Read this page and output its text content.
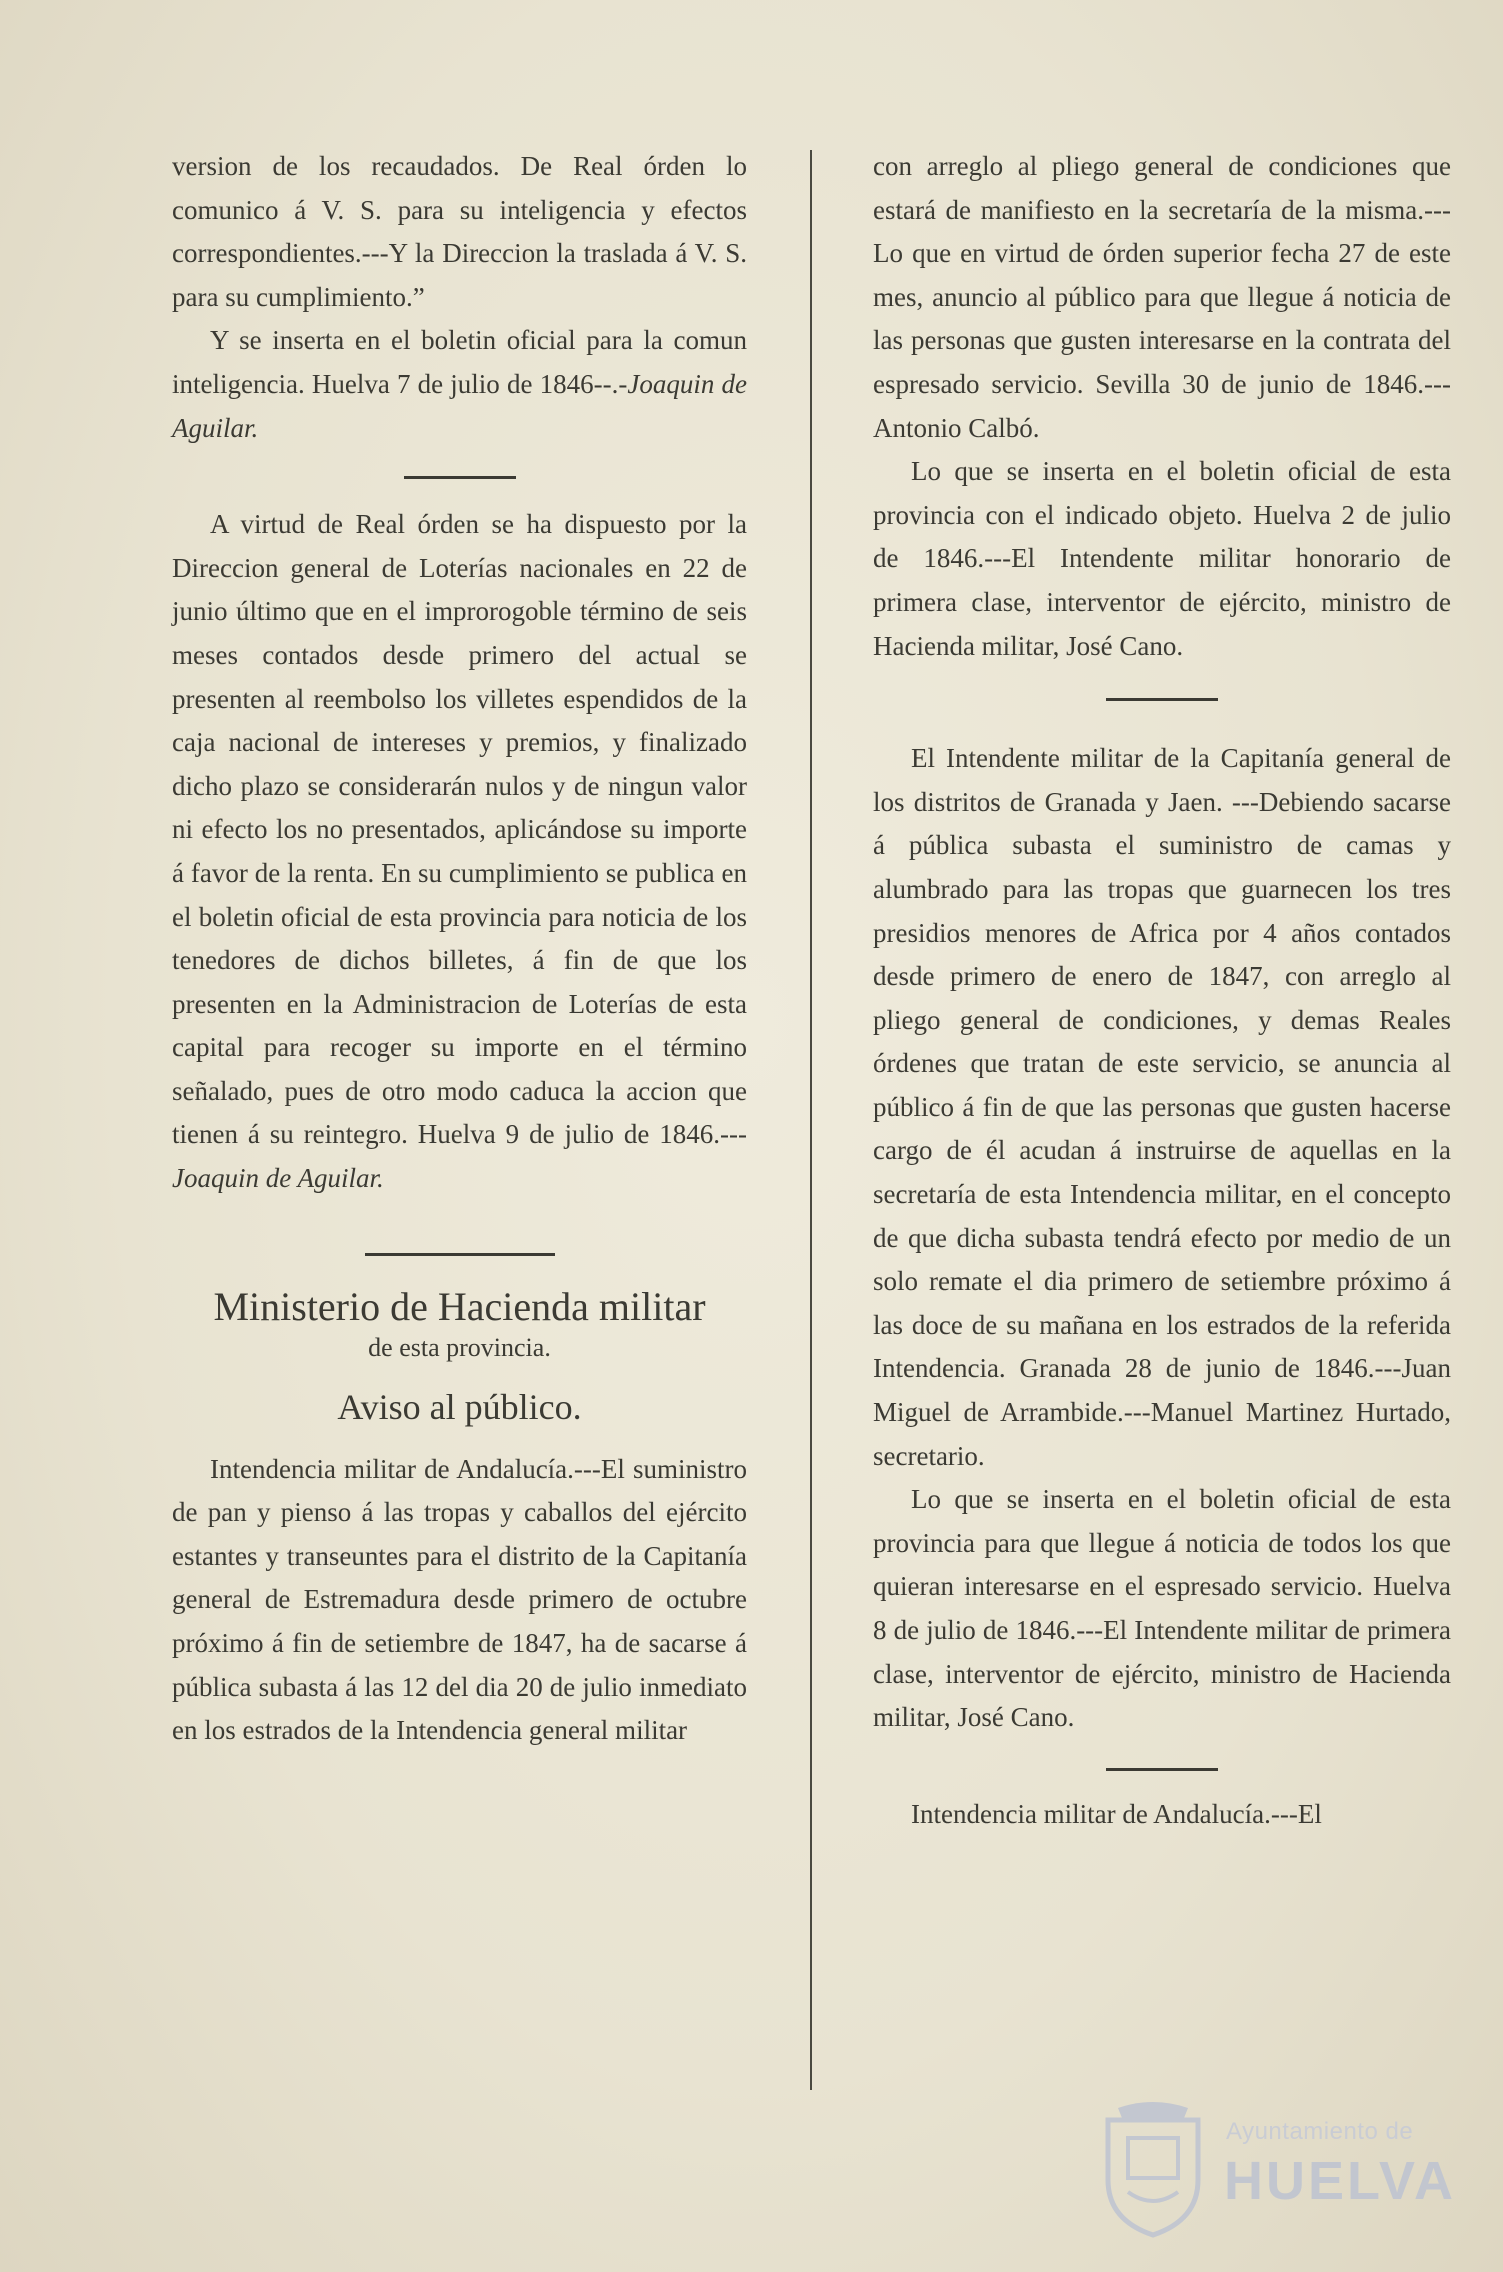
version de los recaudados. De Real órden lo comunico á V. S. para su inteligencia y efectos correspondientes.---Y la Direccion la traslada á V. S. para su cumplimiento.”

Y se inserta en el boletin oficial para la comun inteligencia. Huelva 7 de julio de 1846--.-Joaquin de Aguilar.

A virtud de Real órden se ha dispuesto por la Direccion general de Loterías nacionales en 22 de junio último que en el improrogoble término de seis meses contados desde primero del actual se presenten al reembolso los villetes espendidos de la caja nacional de intereses y premios, y finalizado dicho plazo se considerarán nulos y de ningun valor ni efecto los no presentados, aplicándose su importe á favor de la renta. En su cumplimiento se publica en el boletin oficial de esta provincia para noticia de los tenedores de dichos billetes, á fin de que los presenten en la Administracion de Loterías de esta capital para recoger su importe en el término señalado, pues de otro modo caduca la accion que tienen á su reintegro. Huelva 9 de julio de 1846.---Joaquin de Aguilar.

Ministerio de Hacienda militar

de esta provincia.

Aviso al público.

Intendencia militar de Andalucía.---El suministro de pan y pienso á las tropas y caballos del ejército estantes y transeuntes para el distrito de la Capitanía general de Estremadura desde primero de octubre próximo á fin de setiembre de 1847, ha de sacarse á pública subasta á las 12 del dia 20 de julio inmediato en los estrados de la Intendencia general militar

con arreglo al pliego general de condiciones que estará de manifiesto en la secretaría de la misma.---Lo que en virtud de órden superior fecha 27 de este mes, anuncio al público para que llegue á noticia de las personas que gusten interesarse en la contrata del espresado servicio. Sevilla 30 de junio de 1846.---Antonio Calbó.

Lo que se inserta en el boletin oficial de esta provincia con el indicado objeto. Huelva 2 de julio de 1846.---El Intendente militar honorario de primera clase, interventor de ejército, ministro de Hacienda militar, José Cano.

El Intendente militar de la Capitanía general de los distritos de Granada y Jaen. ---Debiendo sacarse á pública subasta el suministro de camas y alumbrado para las tropas que guarnecen los tres presidios menores de Africa por 4 años contados desde primero de enero de 1847, con arreglo al pliego general de condiciones, y demas Reales órdenes que tratan de este servicio, se anuncia al público á fin de que las personas que gusten hacerse cargo de él acudan á instruirse de aquellas en la secretaría de esta Intendencia militar, en el concepto de que dicha subasta tendrá efecto por medio de un solo remate el dia primero de setiembre próximo á las doce de su mañana en los estrados de la referida Intendencia. Granada 28 de junio de 1846.---Juan Miguel de Arrambide.---Manuel Martinez Hurtado, secretario.

Lo que se inserta en el boletin oficial de esta provincia para que llegue á noticia de todos los que quieran interesarse en el espresado servicio. Huelva 8 de julio de 1846.---El Intendente militar de primera clase, interventor de ejército, ministro de Hacienda militar, José Cano.

Intendencia militar de Andalucía.---El

Ayuntamiento de
HUELVA
